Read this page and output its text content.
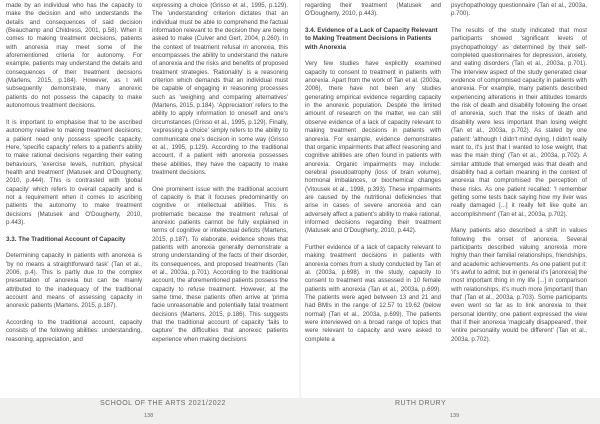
made by an individual who has the capacity to make the decision and who understands the details and consequences of said decision (Beauchamp and Childress, 2001, p.58). When it comes to making treatment decisions, patients with anorexia may meet some of the aforementioned criteria for autonomy. For example, patients may understand the details and consequences of their treatment decisions (Martens, 2015, p.184). However, as I will subsequently demonstrate, many anorexic patients do not possess the capacity to make autonomous treatment decisions.

It is important to emphasise that to be ascribed autonomy relative to making treatment decisions, a patient need only possess specific capacity. Here, 'specific capacity' refers to a patient's ability to make rational decisions regarding their eating behaviours, 'exercise levels, nutrition, physical health and treatment' (Matusek and O'Dougherty, 2010, p.444). This is contrasted with 'global capacity' which refers to overall capacity and is not a requirement when it comes to ascribing patients the autonomy to make treatment decisions (Matusek and O'Dougherty, 2010, p.443).

3.3. The Traditional Account of Capacity

Determining capacity in patients with anorexia is 'by no means a straightforward task' (Tan et al., 2006, p.4). This is partly due to the complex presentation of anorexia but can be mainly attributed to the inadequacy of the traditional account and means of assessing capacity in anorexic patients (Martens, 2015, p.187).

According to the traditional account, capacity consists of the following abilities: understanding, reasoning, appreciation, and

expressing a choice (Grisso et al., 1995, p.129). The 'understanding' criterion dictates that an individual must be able to comprehend the factual information relevant to the decision they are being asked to make (Culver and Gert, 2004, p.260). In the context of treatment refusal in anorexia, this encompasses the ability to understand the nature of anorexia and the risks and benefits of proposed treatment strategies. 'Rationality' is a reasoning criterion which demands that an individual must be capable of engaging in reasoning processes such as 'weighing and comparing alternatives' (Martens, 2015, p.184). 'Appreciation' refers to the ability to apply information to oneself and one's circumstances (Grisso et al., 1995, p.129). Finally, 'expressing a choice' simply refers to the ability to communicate one's decision in some way (Grisso et al., 1995, p.129). According to the traditional account, if a patient with anorexia possesses these abilities, they have the capacity to make treatment decisions.

One prominent issue with the traditional account of capacity is that it focuses predominantly on cognitive or intellectual abilities. This is problematic because the treatment refusal of anorexic patients cannot be fully explained in terms of cognitive or intellectual deficits (Martens, 2015, p.187). To elaborate, evidence shows that patients with anorexia generally demonstrate a strong understanding of the facts of their disorder, its consequences, and proposed treatments (Tan et al., 2003a, p.701). According to the traditional account, the aforementioned patients possess the capacity to refuse treatment. However, at the same time, these patients often arrive at 'prima facie unreasonable and potentially fatal treatment decisions (Martens, 2015, p.186). This suggests that the traditional account of capacity 'fails to capture' the difficulties that anorexic patients experience when making decisions

regarding their treatment (Matusek and O'Dougherty, 2010, p.443).

3.4. Evidence of a Lack of Capacity Relevant to Making Treatment Decisions in Patients with Anorexia

Very few studies have explicitly examined capacity to consent to treatment in patients with anorexia. Apart from the work of Tan et al. (2003a, 2006), there have not been any studies generating empirical evidence regarding capacity in the anorexic population. Despite the limited amount of research on the matter, we can still observe evidence of a lack of capacity relevant to making treatment decisions in patients with anorexia. For example, evidence demonstrates that organic impairments that affect reasoning and cognitive abilities are often found in patients with anorexia. Organic impairments may include: cerebral pseudoatrophy (loss of brain volume), hormonal imbalances, or biochemical changes (Vitousek et al., 1998, p.393). These impairments are caused by the nutritional deficiencies that arise in cases of severe anorexia and can adversely affect a patient's ability to make rational, informed decisions regarding their treatment (Matusek and O'Dougherty, 2010, p.442).

Further evidence of a lack of capacity relevant to making treatment decisions in patients with anorexia comes from a study conducted by Tan et al. (2003a, p.698). In the study, capacity to consent to treatment was assessed in 10 female patients with anorexia (Tan et al., 2003a, p.699). The patients were aged between 13 and 21 and had BMIs in the range of 12.57 to 19.62 (below normal) (Tan et al., 2003a, p.699). The patients were interviewed on a broad range of topics that were relevant to capacity and were asked to complete a

psychopathology questionnaire (Tan et al., 2003a, p.700).

The results of the study indicated that most participants showed 'significant levels of psychopathology' as determined by their self-completed questionnaires for depression, anxiety, and eating disorders (Tan et al., 2003a, p.701). The interview aspect of the study generated clear evidence of compromised capacity in patients with anorexia. For example, many patients described experiencing alterations in their attitudes towards the risk of death and disability following the onset of anorexia, such that the risks of death and disability were less important than losing weight (Tan et al., 2003a, p.702). As stated by one patient: 'although I didn't mind dying, I didn't really want to, it's just that I wanted to lose weight, that was the main thing' (Tan et al., 2003a, p.702). A similar attitude that emerged was that death and disability had a certain meaning in the context of anorexia that compromised the perception of these risks. As one patient recalled: 'I remember getting some tests back saying how my liver was really damaged [...] it really felt like quite an accomplishment' (Tan et al., 2003a, p.702).

Many patients also described a shift in values following the onset of anorexia. Several participants described valuing anorexia more highly than their familial relationships, friendships, and academic achievements. As one patient put it: 'it's awful to admit, but in general it's [anorexia] the most important thing in my life [...] in comparison with relationships, it's much more [important] than that' (Tan et al., 2003a, p.703). Some participants even went so far as to link anorexia to their personal identity; one patient expressed the view that if their anorexia 'magically disappeared', their 'entire personality would be different' (Tan et al., 2003a, p.702).

SCHOOL OF THE ARTS 2021/2022
138
RUTH DRURY
139
